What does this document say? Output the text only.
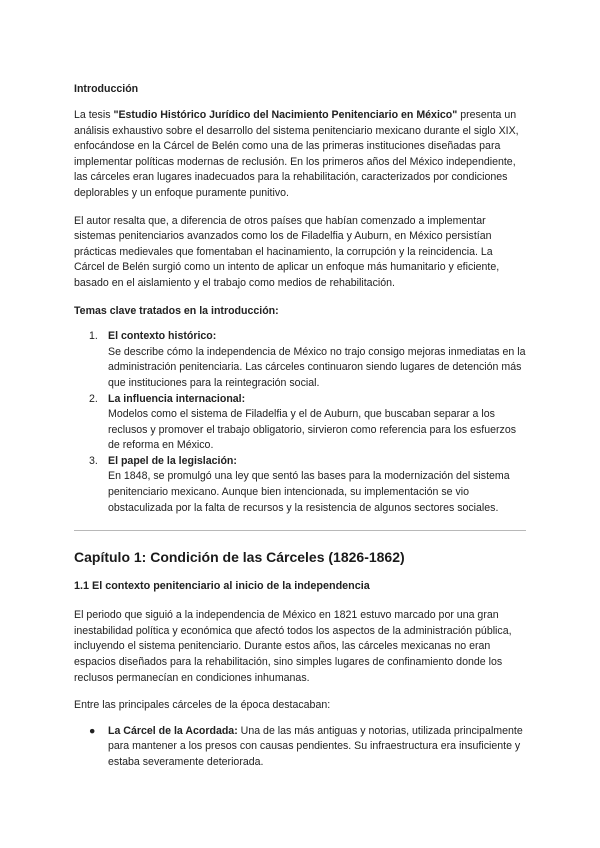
Introducción

La tesis "Estudio Histórico Jurídico del Nacimiento Penitenciario en México" presenta un análisis exhaustivo sobre el desarrollo del sistema penitenciario mexicano durante el siglo XIX, enfocándose en la Cárcel de Belén como una de las primeras instituciones diseñadas para implementar políticas modernas de reclusión. En los primeros años del México independiente, las cárceles eran lugares inadecuados para la rehabilitación, caracterizados por condiciones deplorables y un enfoque puramente punitivo.

El autor resalta que, a diferencia de otros países que habían comenzado a implementar sistemas penitenciarios avanzados como los de Filadelfia y Auburn, en México persistían prácticas medievales que fomentaban el hacinamiento, la corrupción y la reincidencia. La Cárcel de Belén surgió como un intento de aplicar un enfoque más humanitario y eficiente, basado en el aislamiento y el trabajo como medios de rehabilitación.

Temas clave tratados en la introducción:

1. El contexto histórico:
Se describe cómo la independencia de México no trajo consigo mejoras inmediatas en la administración penitenciaria. Las cárceles continuaron siendo lugares de detención más que instituciones para la reintegración social.
2. La influencia internacional:
Modelos como el sistema de Filadelfia y el de Auburn, que buscaban separar a los reclusos y promover el trabajo obligatorio, sirvieron como referencia para los esfuerzos de reforma en México.
3. El papel de la legislación:
En 1848, se promulgó una ley que sentó las bases para la modernización del sistema penitenciario mexicano. Aunque bien intencionada, su implementación se vio obstaculizada por la falta de recursos y la resistencia de algunos sectores sociales.
Capítulo 1: Condición de las Cárceles (1826-1862)
1.1 El contexto penitenciario al inicio de la independencia

El periodo que siguió a la independencia de México en 1821 estuvo marcado por una gran inestabilidad política y económica que afectó todos los aspectos de la administración pública, incluyendo el sistema penitenciario. Durante estos años, las cárceles mexicanas no eran espacios diseñados para la rehabilitación, sino simples lugares de confinamiento donde los reclusos permanecían en condiciones inhumanas.

Entre las principales cárceles de la época destacaban:

● La Cárcel de la Acordada: Una de las más antiguas y notorias, utilizada principalmente para mantener a los presos con causas pendientes. Su infraestructura era insuficiente y estaba severamente deteriorada.
